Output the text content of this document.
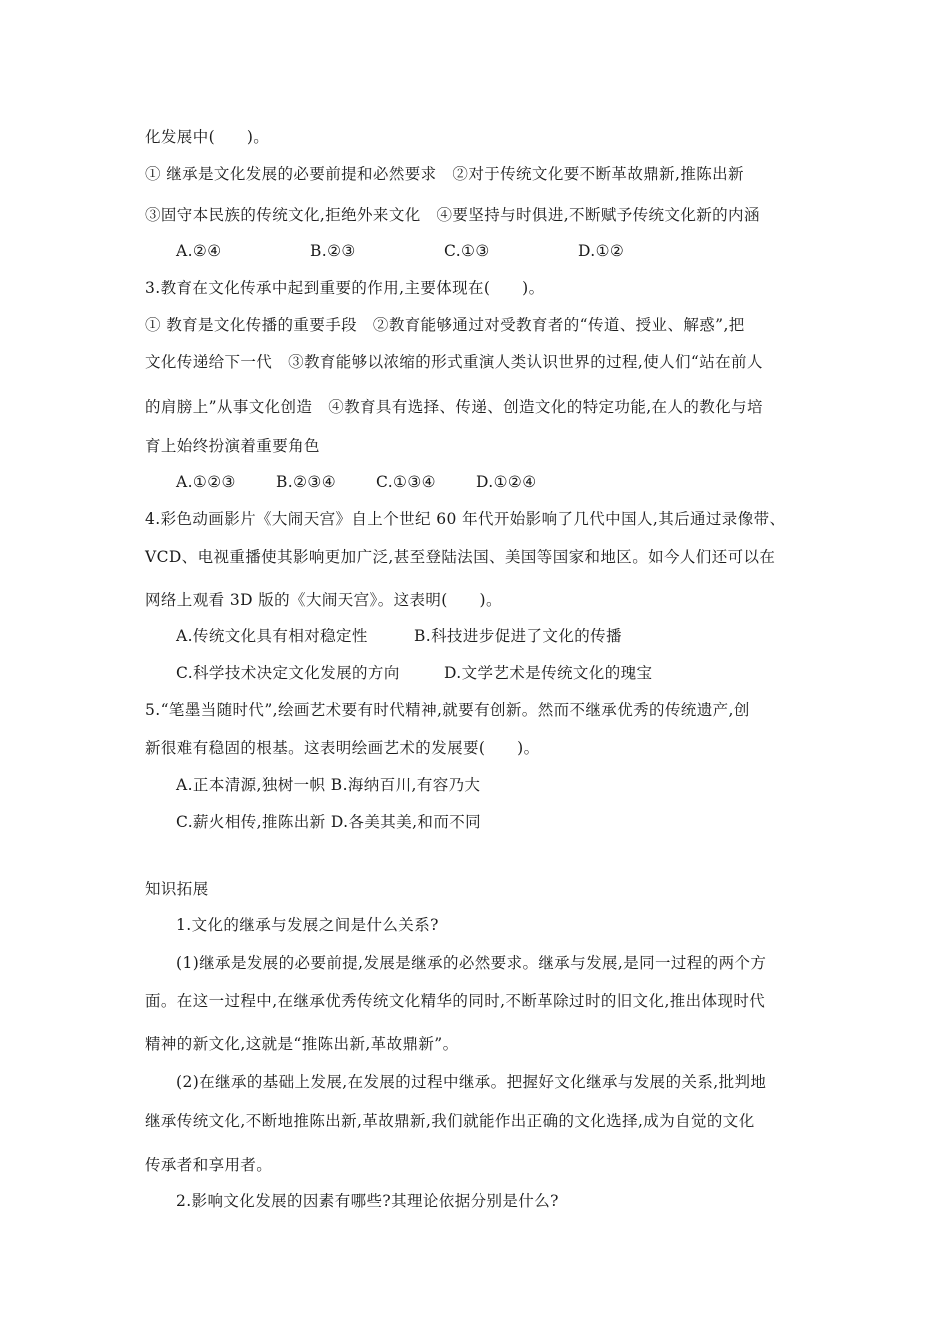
化发展中(　　)。
① 继承是文化发展的必要前提和必然要求　②对于传统文化要不断革故鼎新,推陈出新
③固守本民族的传统文化,拒绝外来文化　④要坚持与时俱进,不断赋予传统文化新的内涵
A.②④	B.②③	C.①③	D.①②
3.教育在文化传承中起到重要的作用,主要体现在(　　)。
① 教育是文化传播的重要手段　②教育能够通过对受教育者的“传道、授业、解惑”,把
文化传递给下一代　③教育能够以浓缩的形式重演人类认识世界的过程,使人们“站在前人
的肩膀上”从事文化创造　④教育具有选择、传递、创造文化的特定功能,在人的教化与培
育上始终扮演着重要角色
A.①②③	B.②③④	C.①③④	D.①②④
4.彩色动画影片《大闹天宫》自上个世纪 60 年代开始影响了几代中国人,其后通过录像带、
VCD、电视重播使其影响更加广泛,甚至登陆法国、美国等国家和地区。如今人们还可以在
网络上观看 3D 版的《大闹天宫》。这表明(　　)。
A.传统文化具有相对稳定性	B.科技进步促进了文化的传播
C.科学技术决定文化发展的方向	D.文学艺术是传统文化的瑰宝
5.“笔墨当随时代”,绘画艺术要有时代精神,就要有创新。然而不继承优秀的传统遗产,创
新很难有稳固的根基。这表明绘画艺术的发展要(　　)。
A.正本清源,独树一帜 B.海纳百川,有容乃大
C.薪火相传,推陈出新 D.各美其美,和而不同
知识拓展
1.文化的继承与发展之间是什么关系?
(1)继承是发展的必要前提,发展是继承的必然要求。继承与发展,是同一过程的两个方
面。在这一过程中,在继承优秀传统文化精华的同时,不断革除过时的旧文化,推出体现时代
精神的新文化,这就是“推陈出新,革故鼎新”。
(2)在继承的基础上发展,在发展的过程中继承。把握好文化继承与发展的关系,批判地
继承传统文化,不断地推陈出新,革故鼎新,我们就能作出正确的文化选择,成为自觉的文化
传承者和享用者。
2.影响文化发展的因素有哪些?其理论依据分别是什么?
